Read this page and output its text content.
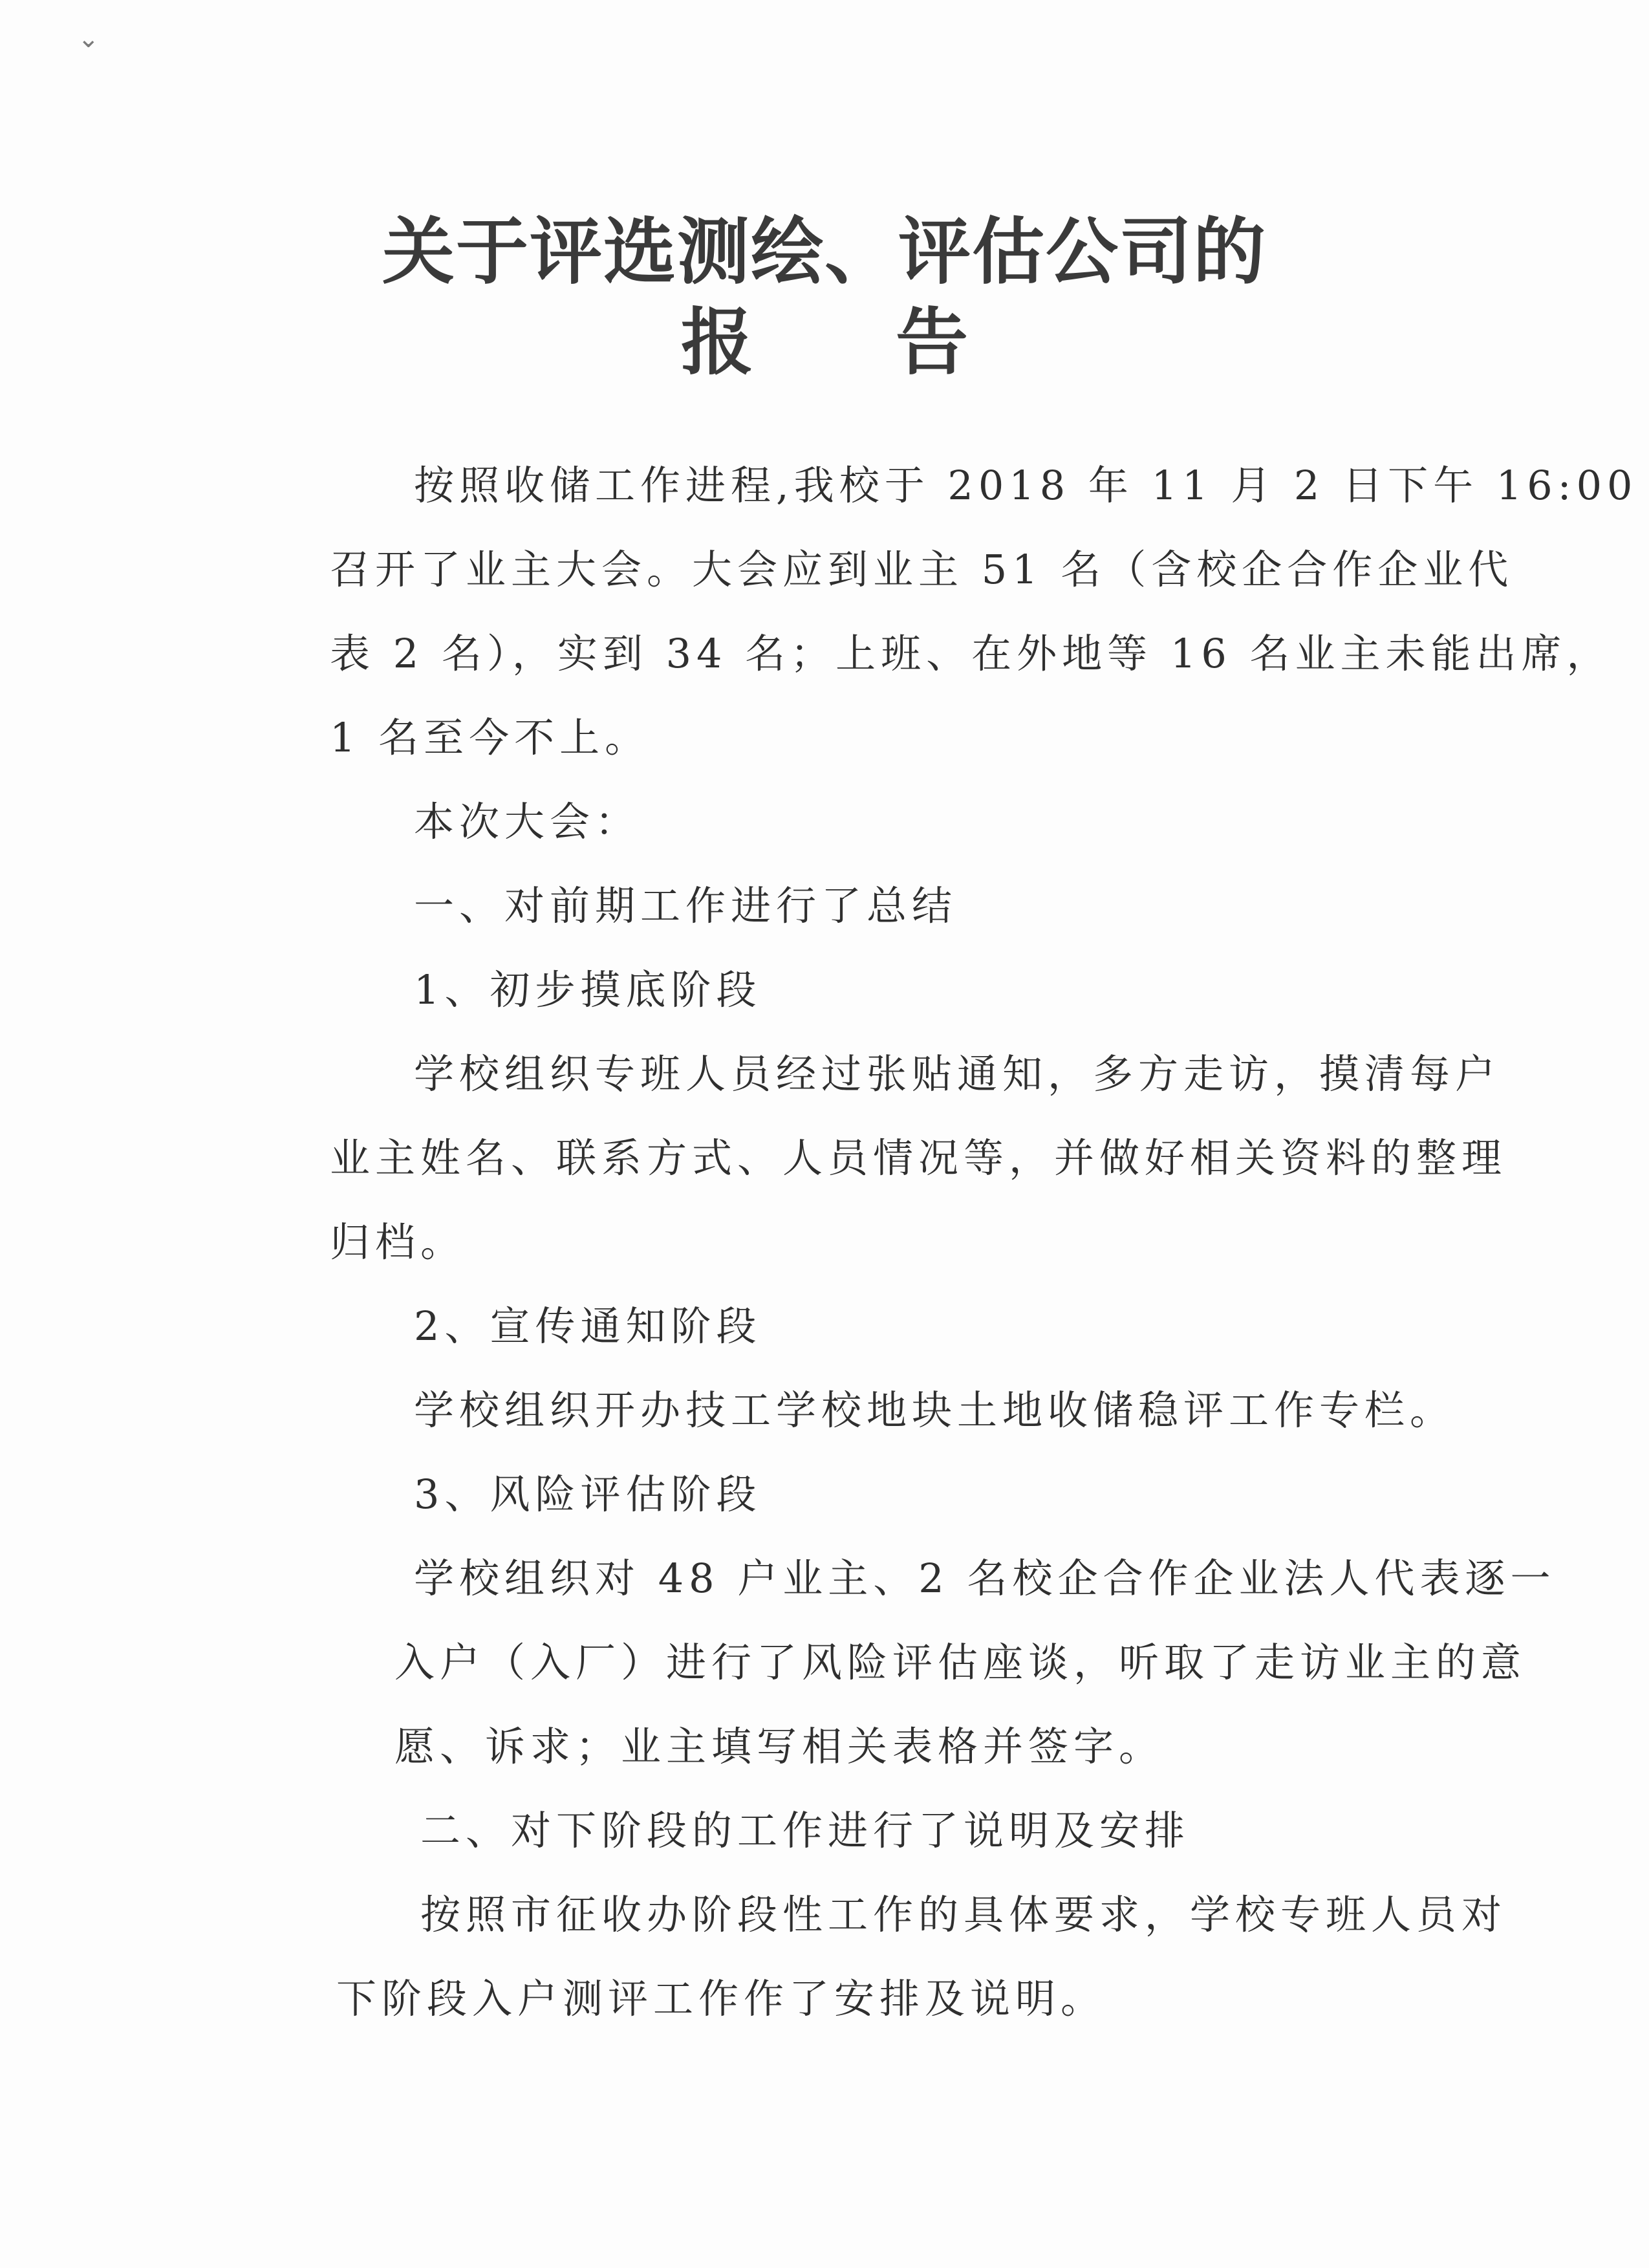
⌄
关于评选测绘、评估公司的
报告
按照收储工作进程,我校于 2018 年 11 月 2 日下午 16:00
召开了业主大会。大会应到业主 51 名（含校企合作企业代
表 2 名），实到 34 名；上班、在外地等 16 名业主未能出席，
1 名至今不上。
本次大会：
一、对前期工作进行了总结
1、初步摸底阶段
学校组织专班人员经过张贴通知，多方走访，摸清每户
业主姓名、联系方式、人员情况等，并做好相关资料的整理
归档。
2、宣传通知阶段
学校组织开办技工学校地块土地收储稳评工作专栏。
3、风险评估阶段
学校组织对 48 户业主、2 名校企合作企业法人代表逐一
入户（入厂）进行了风险评估座谈，听取了走访业主的意
愿、诉求；业主填写相关表格并签字。
二、对下阶段的工作进行了说明及安排
按照市征收办阶段性工作的具体要求，学校专班人员对
下阶段入户测评工作作了安排及说明。
